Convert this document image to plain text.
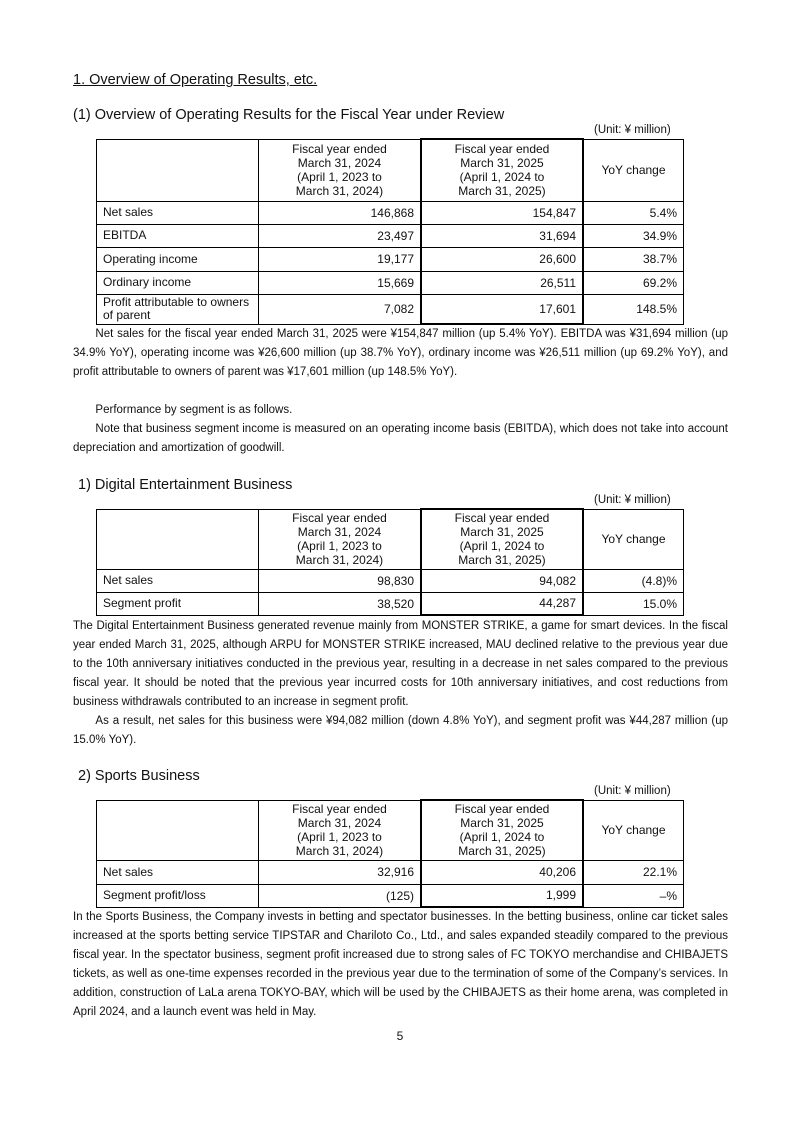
1. Overview of Operating Results, etc.
(1) Overview of Operating Results for the Fiscal Year under Review
(Unit: ¥ million)

	Fiscal year ended
March 31, 2024
(April 1, 2023 to
March 31, 2024)	Fiscal year ended
March 31, 2025
(April 1, 2024 to
March 31, 2025)	YoY change
Net sales	146,868	154,847	5.4%
EBITDA	23,497	31,694	34.9%
Operating income	19,177	26,600	38.7%
Ordinary income	15,669	26,511	69.2%
Profit attributable to owners of parent	7,082	17,601	148.5%
Net sales for the fiscal year ended March 31, 2025 were ¥154,847 million (up 5.4% YoY). EBITDA was ¥31,694 million (up 34.9% YoY), operating income was ¥26,600 million (up 38.7% YoY), ordinary income was ¥26,511 million (up 69.2% YoY), and profit attributable to owners of parent was ¥17,601 million (up 148.5% YoY).
Performance by segment is as follows.
Note that business segment income is measured on an operating income basis (EBITDA), which does not take into account depreciation and amortization of goodwill.
1) Digital Entertainment Business
(Unit: ¥ million)

	Fiscal year ended
March 31, 2024
(April 1, 2023 to
March 31, 2024)	Fiscal year ended
March 31, 2025
(April 1, 2024 to
March 31, 2025)	YoY change
Net sales	98,830	94,082	(4.8)%
Segment profit	38,520	44,287	15.0%
The Digital Entertainment Business generated revenue mainly from MONSTER STRIKE, a game for smart devices. In the fiscal year ended March 31, 2025, although ARPU for MONSTER STRIKE increased, MAU declined relative to the previous year due to the 10th anniversary initiatives conducted in the previous year, resulting in a decrease in net sales compared to the previous fiscal year. It should be noted that the previous year incurred costs for 10th anniversary initiatives, and cost reductions from business withdrawals contributed to an increase in segment profit.
As a result, net sales for this business were ¥94,082 million (down 4.8% YoY), and segment profit was ¥44,287 million (up 15.0% YoY).
2) Sports Business
(Unit: ¥ million)

	Fiscal year ended
March 31, 2024
(April 1, 2023 to
March 31, 2024)	Fiscal year ended
March 31, 2025
(April 1, 2024 to
March 31, 2025)	YoY change
Net sales	32,916	40,206	22.1%
Segment profit/loss	(125)	1,999	–%
In the Sports Business, the Company invests in betting and spectator businesses. In the betting business, online car ticket sales increased at the sports betting service TIPSTAR and Chariloto Co., Ltd., and sales expanded steadily compared to the previous fiscal year. In the spectator business, segment profit increased due to strong sales of FC TOKYO merchandise and CHIBAJETS tickets, as well as one-time expenses recorded in the previous year due to the termination of some of the Company’s services. In addition, construction of LaLa arena TOKYO-BAY, which will be used by the CHIBAJETS as their home arena, was completed in April 2024, and a launch event was held in May.
5
